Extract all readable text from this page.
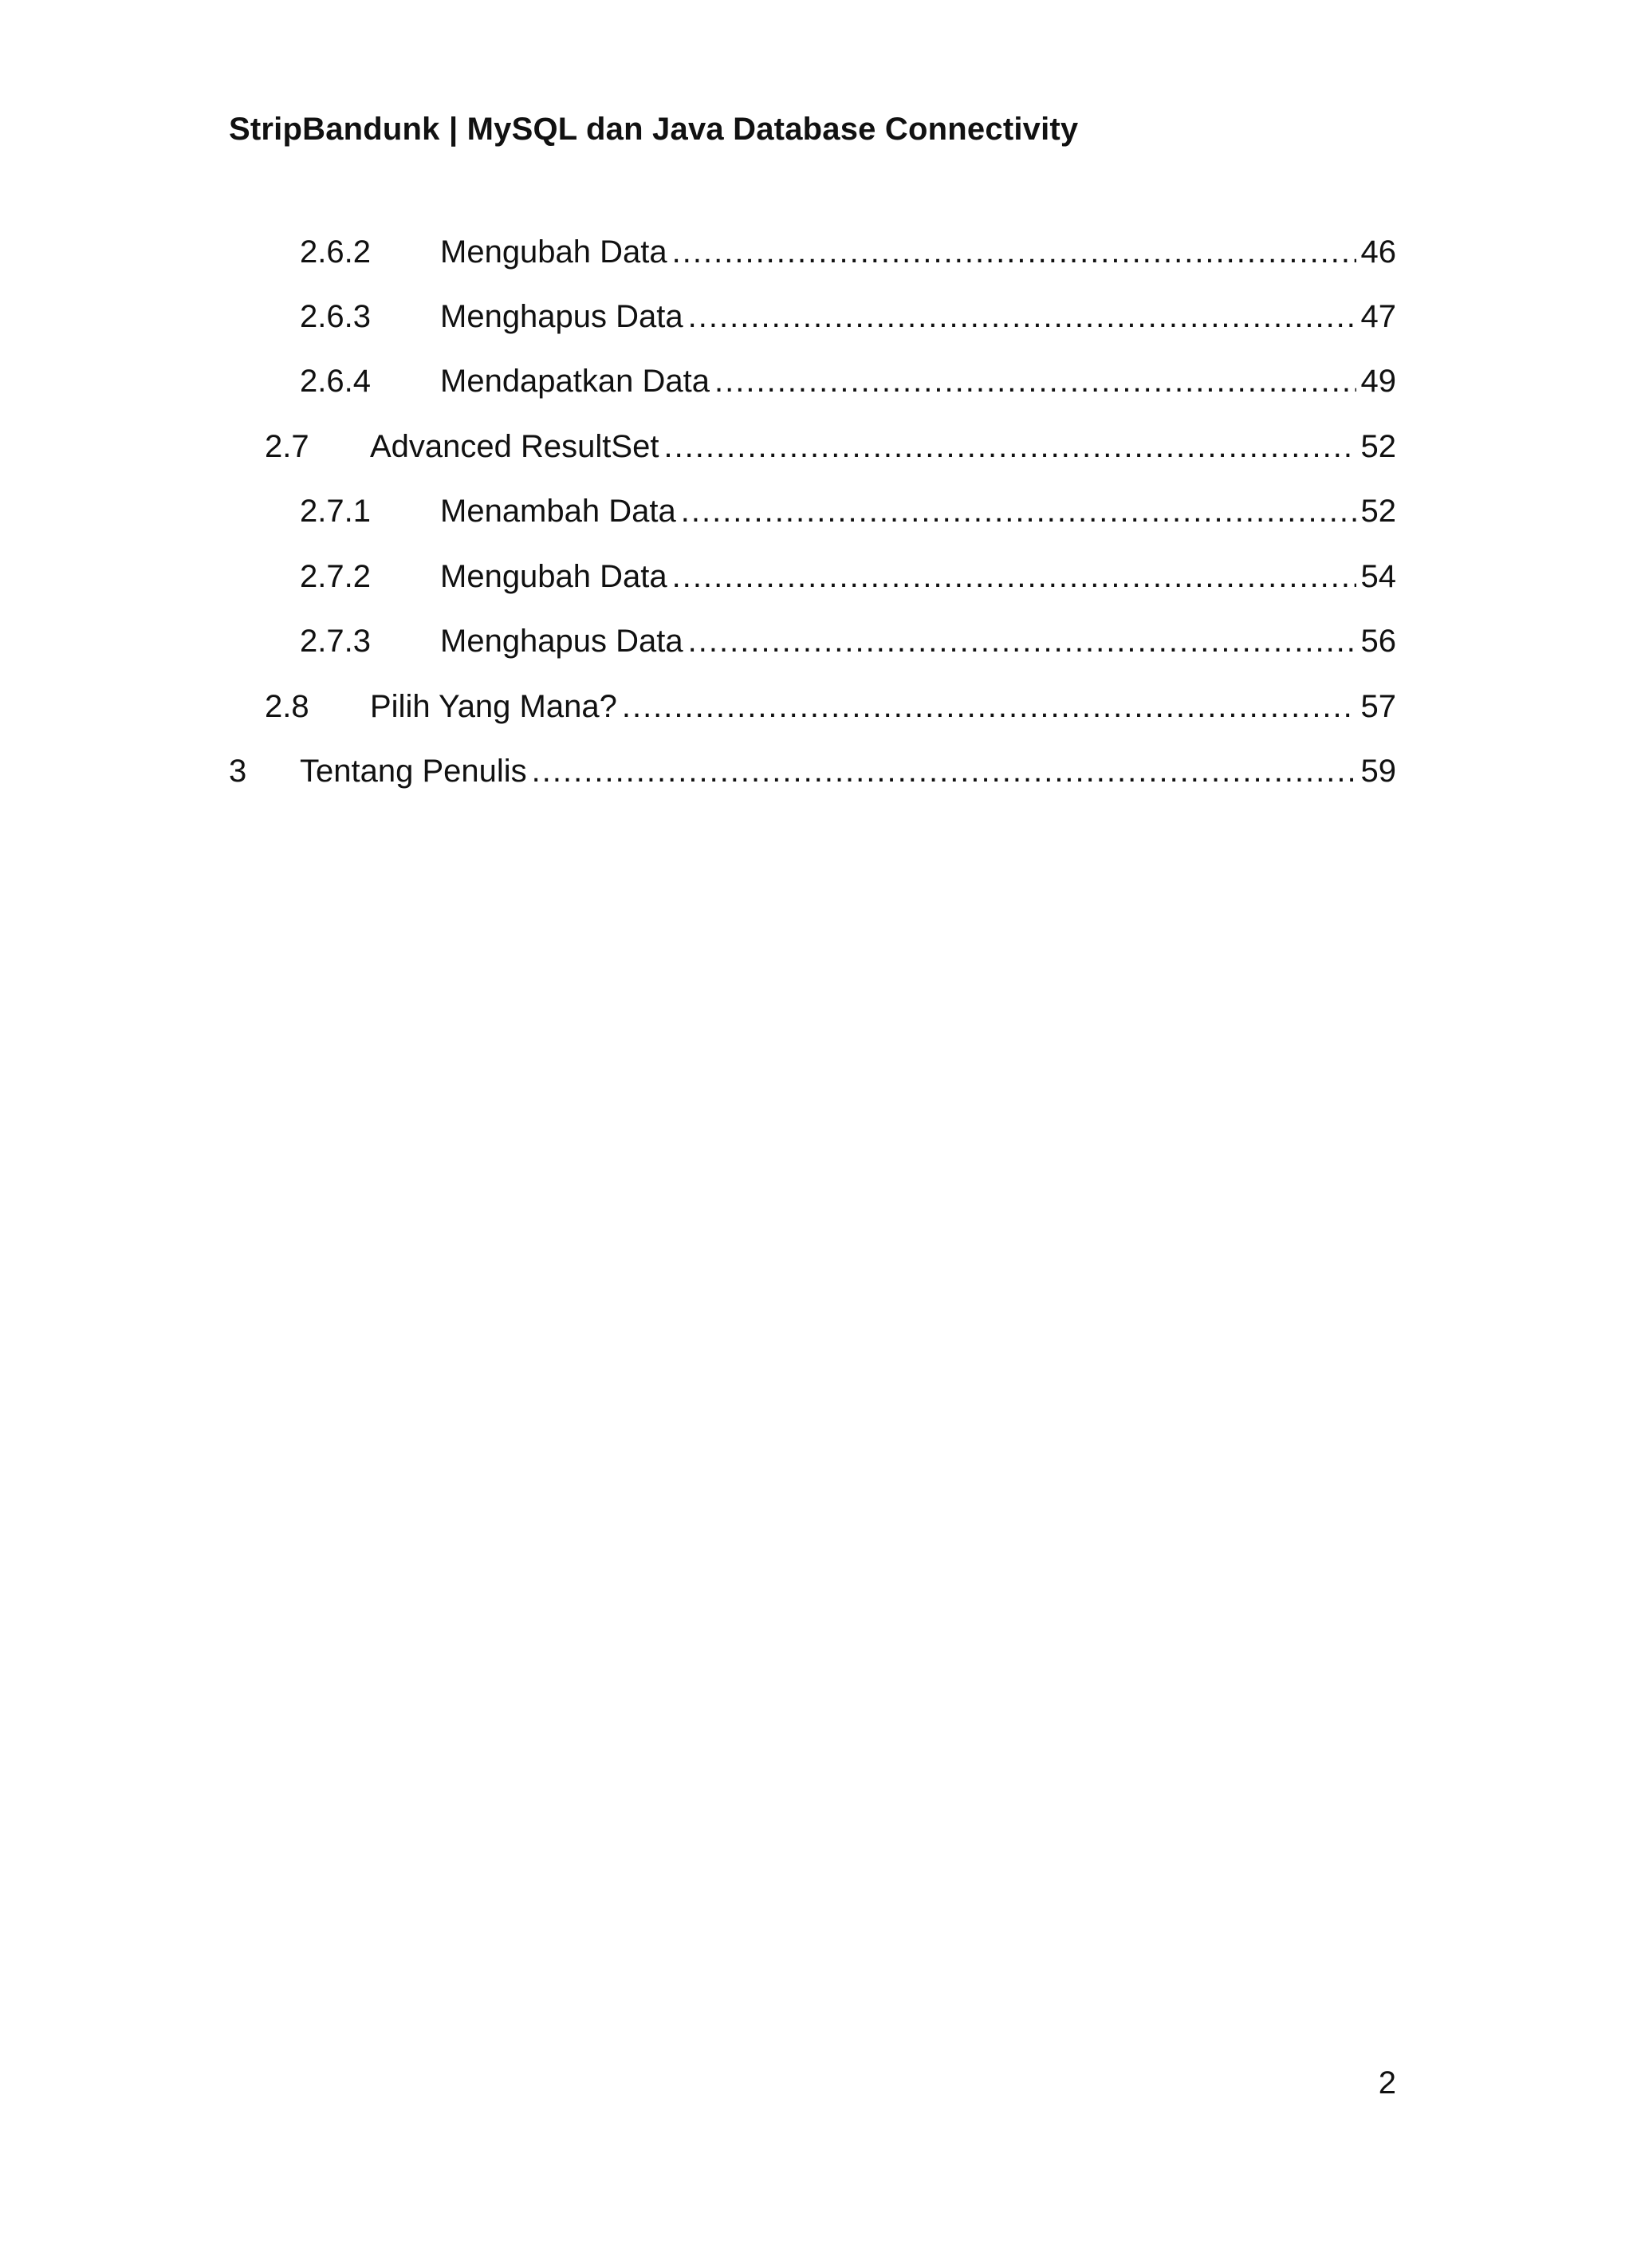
StripBandunk | MySQL dan Java Database Connectivity
2.6.2 Mengubah Data .....	46
2.6.3 Menghapus Data .....	47
2.6.4 Mendapatkan Data .....	49
2.7 Advanced ResultSet .....	52
2.7.1 Menambah Data .....	52
2.7.2 Mengubah Data .....	54
2.7.3 Menghapus Data .....	56
2.8 Pilih Yang Mana? .....	57
3 Tentang Penulis .....	59
2
